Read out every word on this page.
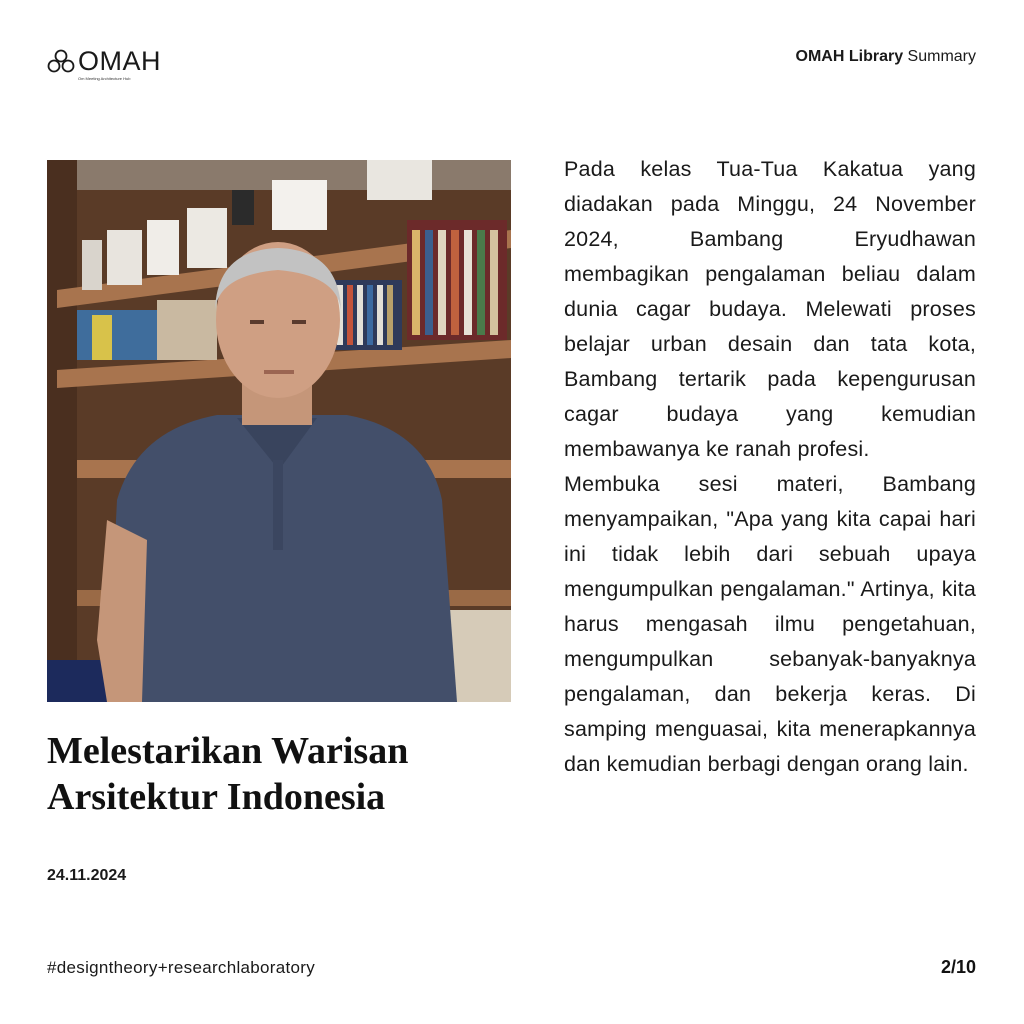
OMAH
Om Meeting Architecture Hub
OMAH Library Summary
Melestarikan Warisan
Arsitektur Indonesia
24.11.2024

Pada kelas Tua-Tua Kakatua yang diadakan pada Minggu, 24 November 2024, Bambang Eryudhawan membagikan pengalaman beliau dalam dunia cagar budaya. Melewati proses belajar urban desain dan tata kota, Bambang tertarik pada kepengurusan cagar budaya yang kemudian membawanya ke ranah profesi.

Membuka sesi materi, Bambang menyampaikan, "Apa yang kita capai hari ini tidak lebih dari sebuah upaya mengumpulkan pengalaman." Artinya, kita harus mengasah ilmu pengetahuan, mengumpulkan sebanyak-banyaknya pengalaman, dan bekerja keras. Di samping menguasai, kita menerapkannya dan kemudian berbagi dengan orang lain.

#designtheory+researchlaboratory	2/10
